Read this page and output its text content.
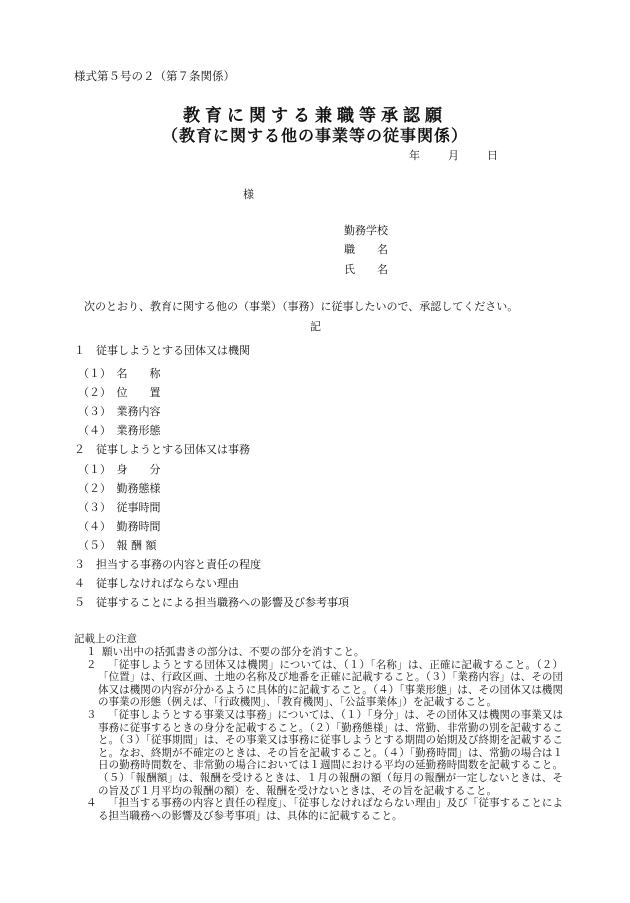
様式第５号の２（第７条関係）
教育に関する兼職等承認願
（教育に関する他の事業等の従事関係）
年	月	日
様
勤務学校
職　　名
氏　　名
次のとおり、教育に関する他の（事業）（事務）に従事したいので、承認してください。
記
１　従事しようとする団体又は機関
（１）　名　　称
（２）　位　　置
（３）　業務内容
（４）　業務形態
２　従事しようとする団体又は事務
（１）　身　　分
（２）　勤務態様
（３）　従事時間
（４）　勤務時間
（５）　報 酬 額
３　担当する事務の内容と責任の程度
４　従事しなければならない理由
５　従事することによる担当職務への影響及び参考事項
記載上の注意
１ 願い出中の括弧書きの部分は、不要の部分を消すこと。
２	「従事しようとする団体又は機関」については、（１）「名称」は、正確に記載すること。（２）「位置」は、行政区画、土地の名称及び地番を正確に記載すること。（３）「業務内容」は、その団体又は機関の内容が分かるように具体的に記載すること。（４）「事業形態」は、その団体又は機関の事業の形態（例えば、「行政機関」、「教育機関」、「公益事業体」）を記載すること。
３	「従事しようとする事業又は事務」については、（１）「身分」は、その団体又は機関の事業又は事務に従事するときの身分を記載すること。（２）「勤務態様」は、常勤、非常勤の別を記載すること。（３）「従事期間」は、その事業又は事務に従事しようとする期間の始期及び終期を記載すること。なお、終期が不確定のときは、その旨を記載すること。（４）「勤務時間」は、常勤の場合は１日の勤務時間数を、非常勤の場合においては１週間における平均の延勤務時間数を記載すること。（５）「報酬額」は、報酬を受けるときは、１月の報酬の額（毎月の報酬が一定しないときは、その旨及び１月平均の報酬の額）を、報酬を受けないときは、その旨を記載すること。
４	「担当する事務の内容と責任の程度」、「従事しなければならない理由」及び「従事することによる担当職務への影響及び参考事項」は、具体的に記載すること。
